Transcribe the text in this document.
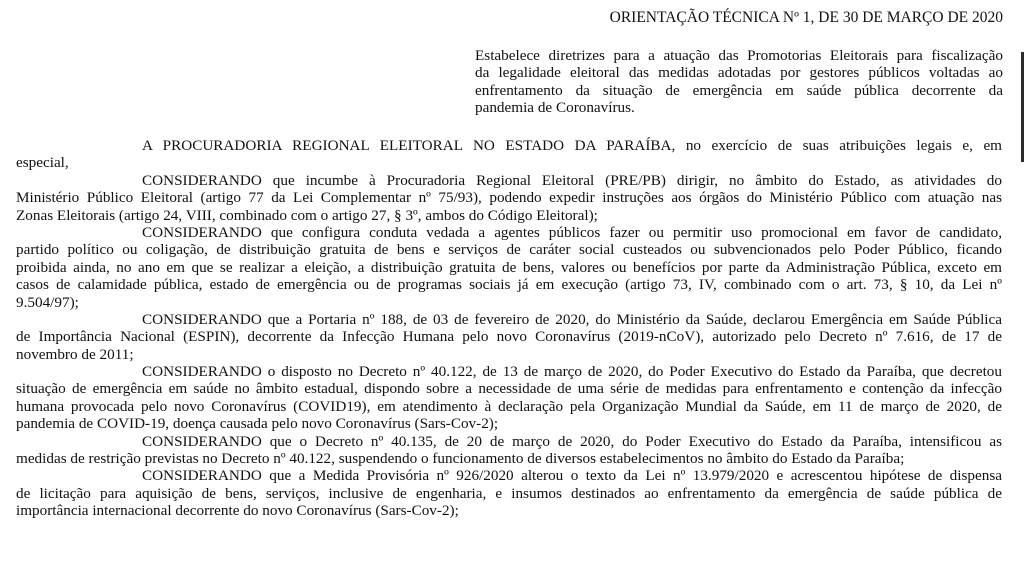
ORIENTAÇÃO TÉCNICA Nº 1, DE 30 DE MARÇO DE 2020
Estabelece diretrizes para a atuação das Promotorias Eleitorais para fiscalização
da legalidade eleitoral das medidas adotadas por gestores públicos voltadas ao
enfrentamento da situação de emergência em saúde pública decorrente da
pandemia de Coronavírus.
A PROCURADORIA REGIONAL ELEITORAL NO ESTADO DA PARAÍBA, no exercício de suas atribuições legais e, em
especial,
CONSIDERANDO que incumbe à Procuradoria Regional Eleitoral (PRE/PB) dirigir, no âmbito do Estado, as atividades do
Ministério Público Eleitoral (artigo 77 da Lei Complementar nº 75/93), podendo expedir instruções aos órgãos do Ministério Público com atuação nas
Zonas Eleitorais (artigo 24, VIII, combinado com o artigo 27, § 3º, ambos do Código Eleitoral);
CONSIDERANDO que configura conduta vedada a agentes públicos fazer ou permitir uso promocional em favor de candidato,
partido político ou coligação, de distribuição gratuita de bens e serviços de caráter social custeados ou subvencionados pelo Poder Público, ficando
proibida ainda, no ano em que se realizar a eleição, a distribuição gratuita de bens, valores ou benefícios por parte da Administração Pública, exceto em
casos de calamidade pública, estado de emergência ou de programas sociais já em execução (artigo 73, IV, combinado com o art. 73, § 10, da Lei nº
9.504/97);
CONSIDERANDO que a Portaria nº 188, de 03 de fevereiro de 2020, do Ministério da Saúde, declarou Emergência em Saúde Pública
de Importância Nacional (ESPIN), decorrente da Infecção Humana pelo novo Coronavírus (2019-nCoV), autorizado pelo Decreto nº 7.616, de 17 de
novembro de 2011;
CONSIDERANDO o disposto no Decreto nº 40.122, de 13 de março de 2020, do Poder Executivo do Estado da Paraíba, que decretou
situação de emergência em saúde no âmbito estadual, dispondo sobre a necessidade de uma série de medidas para enfrentamento e contenção da infecção
humana provocada pelo novo Coronavírus (COVID19), em atendimento à declaração pela Organização Mundial da Saúde, em 11 de março de 2020, de
pandemia de COVID-19, doença causada pelo novo Coronavírus (Sars-Cov-2);
CONSIDERANDO que o Decreto nº 40.135, de 20 de março de 2020, do Poder Executivo do Estado da Paraíba, intensificou as
medidas de restrição previstas no Decreto nº 40.122, suspendendo o funcionamento de diversos estabelecimentos no âmbito do Estado da Paraíba;
CONSIDERANDO que a Medida Provisória nº 926/2020 alterou o texto da Lei nº 13.979/2020 e acrescentou hipótese de dispensa
de licitação para aquisição de bens, serviços, inclusive de engenharia, e insumos destinados ao enfrentamento da emergência de saúde pública de
importância internacional decorrente do novo Coronavírus (Sars-Cov-2);
